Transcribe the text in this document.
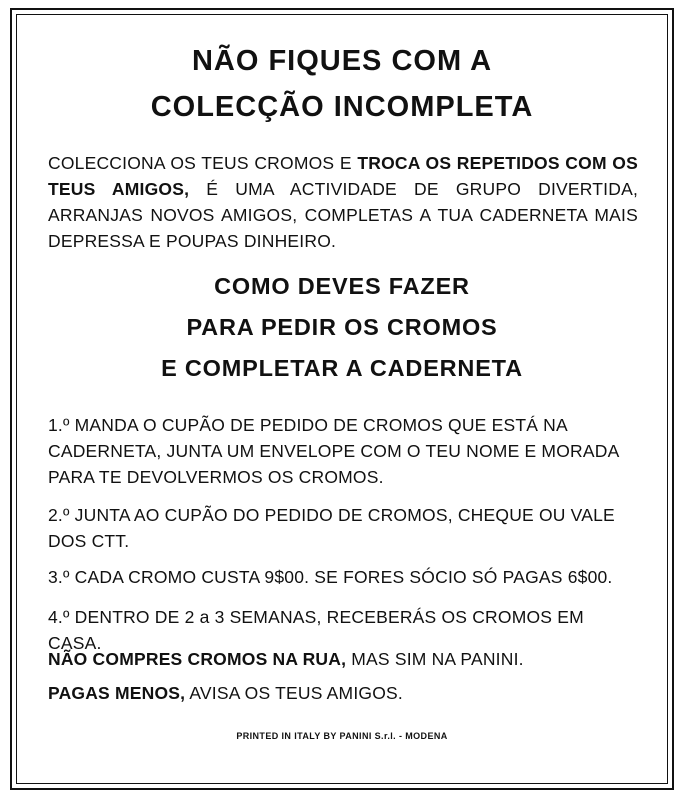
NÃO FIQUES COM A
COLECÇÃO INCOMPLETA

COLECCIONA OS TEUS CROMOS E TROCA OS REPETIDOS COM OS TEUS AMIGOS, É UMA ACTIVIDADE DE GRUPO DIVERTIDA, ARRANJAS NOVOS AMIGOS, COMPLETAS A TUA CADERNETA MAIS DEPRESSA E POUPAS DINHEIRO.

COMO DEVES FAZER
PARA PEDIR OS CROMOS
E COMPLETAR A CADERNETA

1.º MANDA O CUPÃO DE PEDIDO DE CROMOS QUE ESTÁ NA CADERNETA, JUNTA UM ENVELOPE COM O TEU NOME E MORADA PARA TE DEVOLVERMOS OS CROMOS.

2.º JUNTA AO CUPÃO DO PEDIDO DE CROMOS, CHEQUE OU VALE DOS CTT.

3.º CADA CROMO CUSTA 9$00. SE FORES SÓCIO SÓ PAGAS 6$00.

4.º DENTRO DE 2 a 3 SEMANAS, RECEBERÁS OS CROMOS EM CASA.

NÃO COMPRES CROMOS NA RUA, MAS SIM NA PANINI.

PAGAS MENOS, AVISA OS TEUS AMIGOS.

PRINTED IN ITALY BY PANINI S.r.l. - MODENA
